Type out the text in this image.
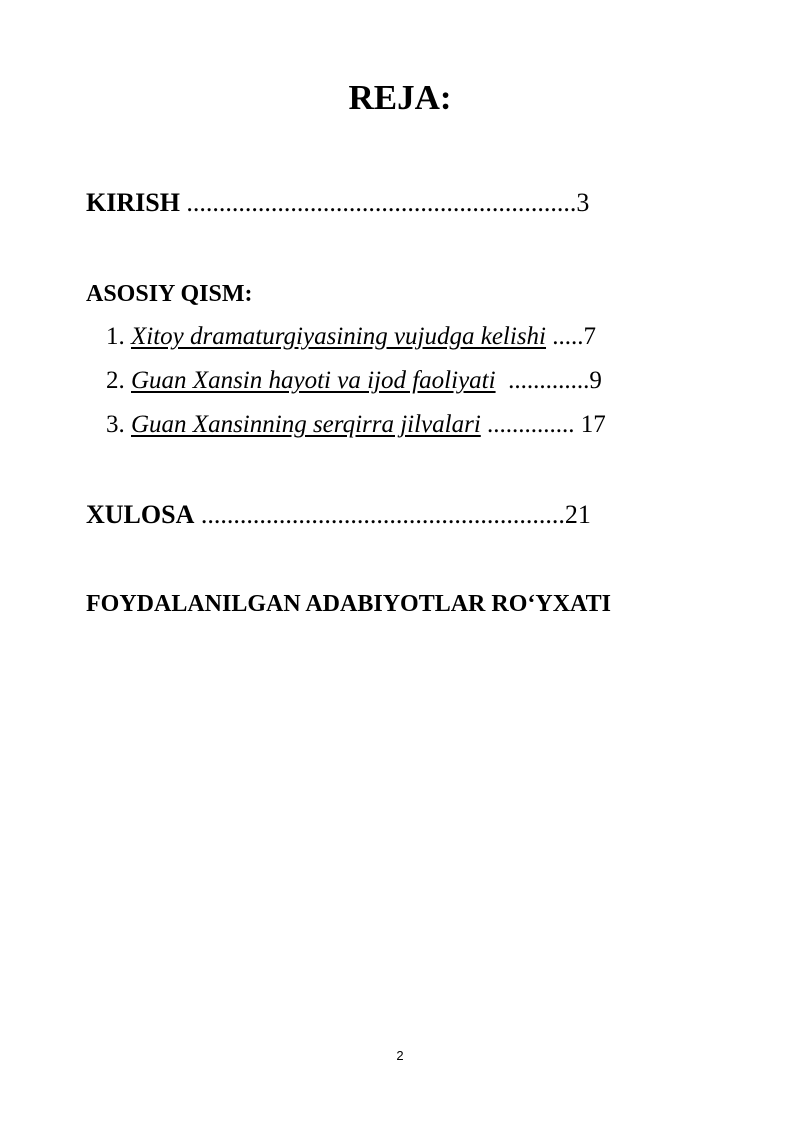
REJA:
KIRISH ............................................................3
ASOSIY QISM:
1. Xitoy dramaturgiyasining vujudga kelishi .....7
2. Guan Xansin hayoti va ijod faoliyati  .............9
3. Guan Xansinning serqirra jilvalari .............. 17
XULOSA ........................................................21
FOYDALANILGAN ADABIYOTLAR RO‘YXATI
2
